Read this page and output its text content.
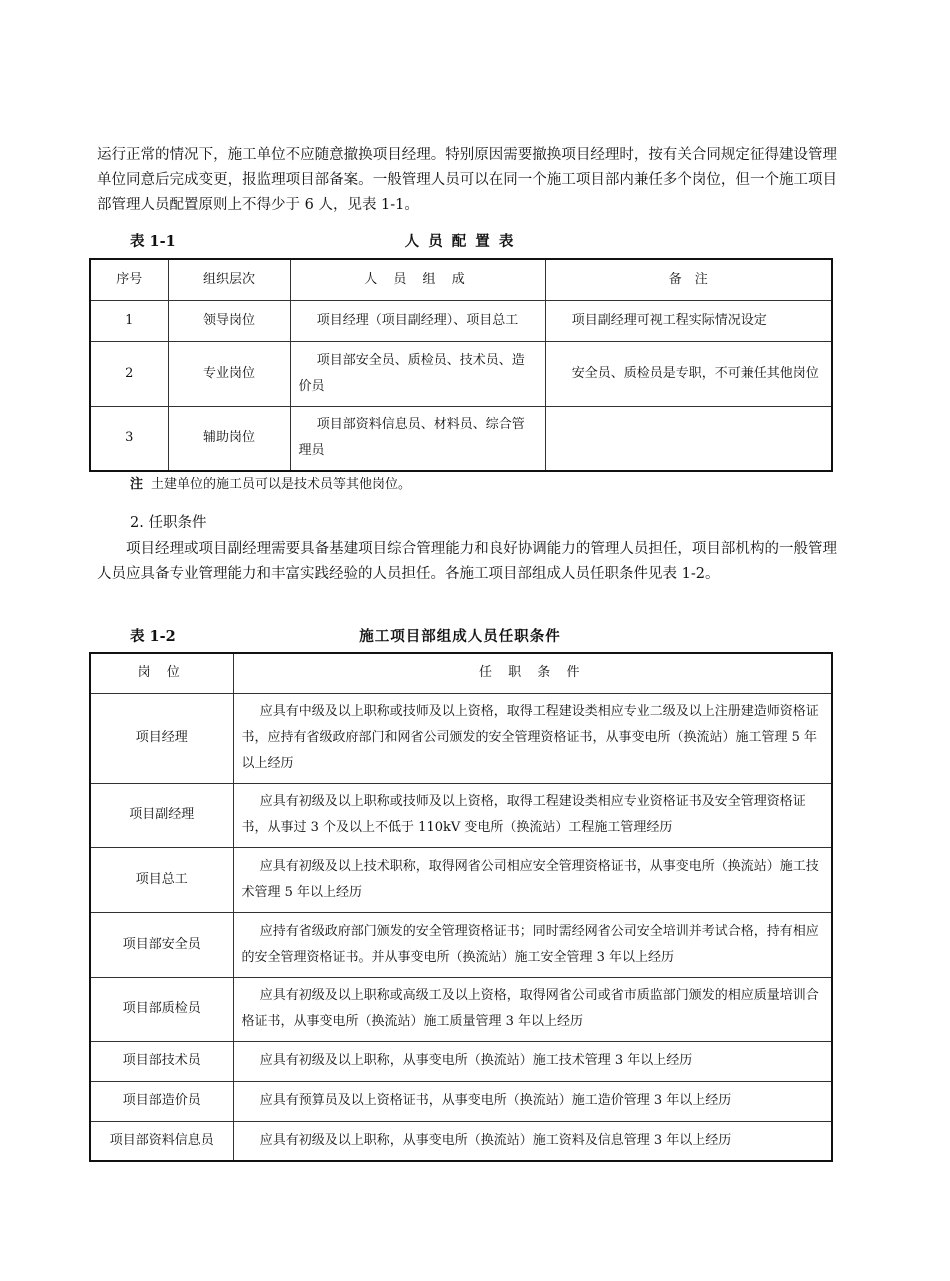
运行正常的情况下，施工单位不应随意撤换项目经理。特别原因需要撤换项目经理时，按有关合同规定征得建设管理单位同意后完成变更，报监理项目部备案。一般管理人员可以在同一个施工项目部内兼任多个岗位，但一个施工项目部管理人员配置原则上不得少于 6 人，见表 1-1。

表 1-1	人 员 配 置 表
序号	组织层次	人 员 组 成	备　注
1	领导岗位	项目经理（项目副经理）、项目总工	项目副经理可视工程实际情况设定
2	专业岗位	项目部安全员、质检员、技术员、造价员	安全员、质检员是专职，不可兼任其他岗位
3	辅助岗位	项目部资料信息员、材料员、综合管理员	
注 土建单位的施工员可以是技术员等其他岗位。
2. 任职条件

项目经理或项目副经理需要具备基建项目综合管理能力和良好协调能力的管理人员担任，项目部机构的一般管理人员应具备专业管理能力和丰富实践经验的人员担任。各施工项目部组成人员任职条件见表 1-2。

表 1-2	施工项目部组成人员任职条件
岗 位	任 职 条 件
项目经理	应具有中级及以上职称或技师及以上资格，取得工程建设类相应专业二级及以上注册建造师资格证书，应持有省级政府部门和网省公司颁发的安全管理资格证书，从事变电所（换流站）施工管理 5 年以上经历
项目副经理	应具有初级及以上职称或技师及以上资格，取得工程建设类相应专业资格证书及安全管理资格证书，从事过 3 个及以上不低于 110kV 变电所（换流站）工程施工管理经历
项目总工	应具有初级及以上技术职称，取得网省公司相应安全管理资格证书，从事变电所（换流站）施工技术管理 5 年以上经历
项目部安全员	应持有省级政府部门颁发的安全管理资格证书；同时需经网省公司安全培训并考试合格，持有相应的安全管理资格证书。并从事变电所（换流站）施工安全管理 3 年以上经历
项目部质检员	应具有初级及以上职称或高级工及以上资格，取得网省公司或省市质监部门颁发的相应质量培训合格证书，从事变电所（换流站）施工质量管理 3 年以上经历
项目部技术员	应具有初级及以上职称，从事变电所（换流站）施工技术管理 3 年以上经历
项目部造价员	应具有预算员及以上资格证书，从事变电所（换流站）施工造价管理 3 年以上经历
项目部资料信息员	应具有初级及以上职称，从事变电所（换流站）施工资料及信息管理 3 年以上经历
